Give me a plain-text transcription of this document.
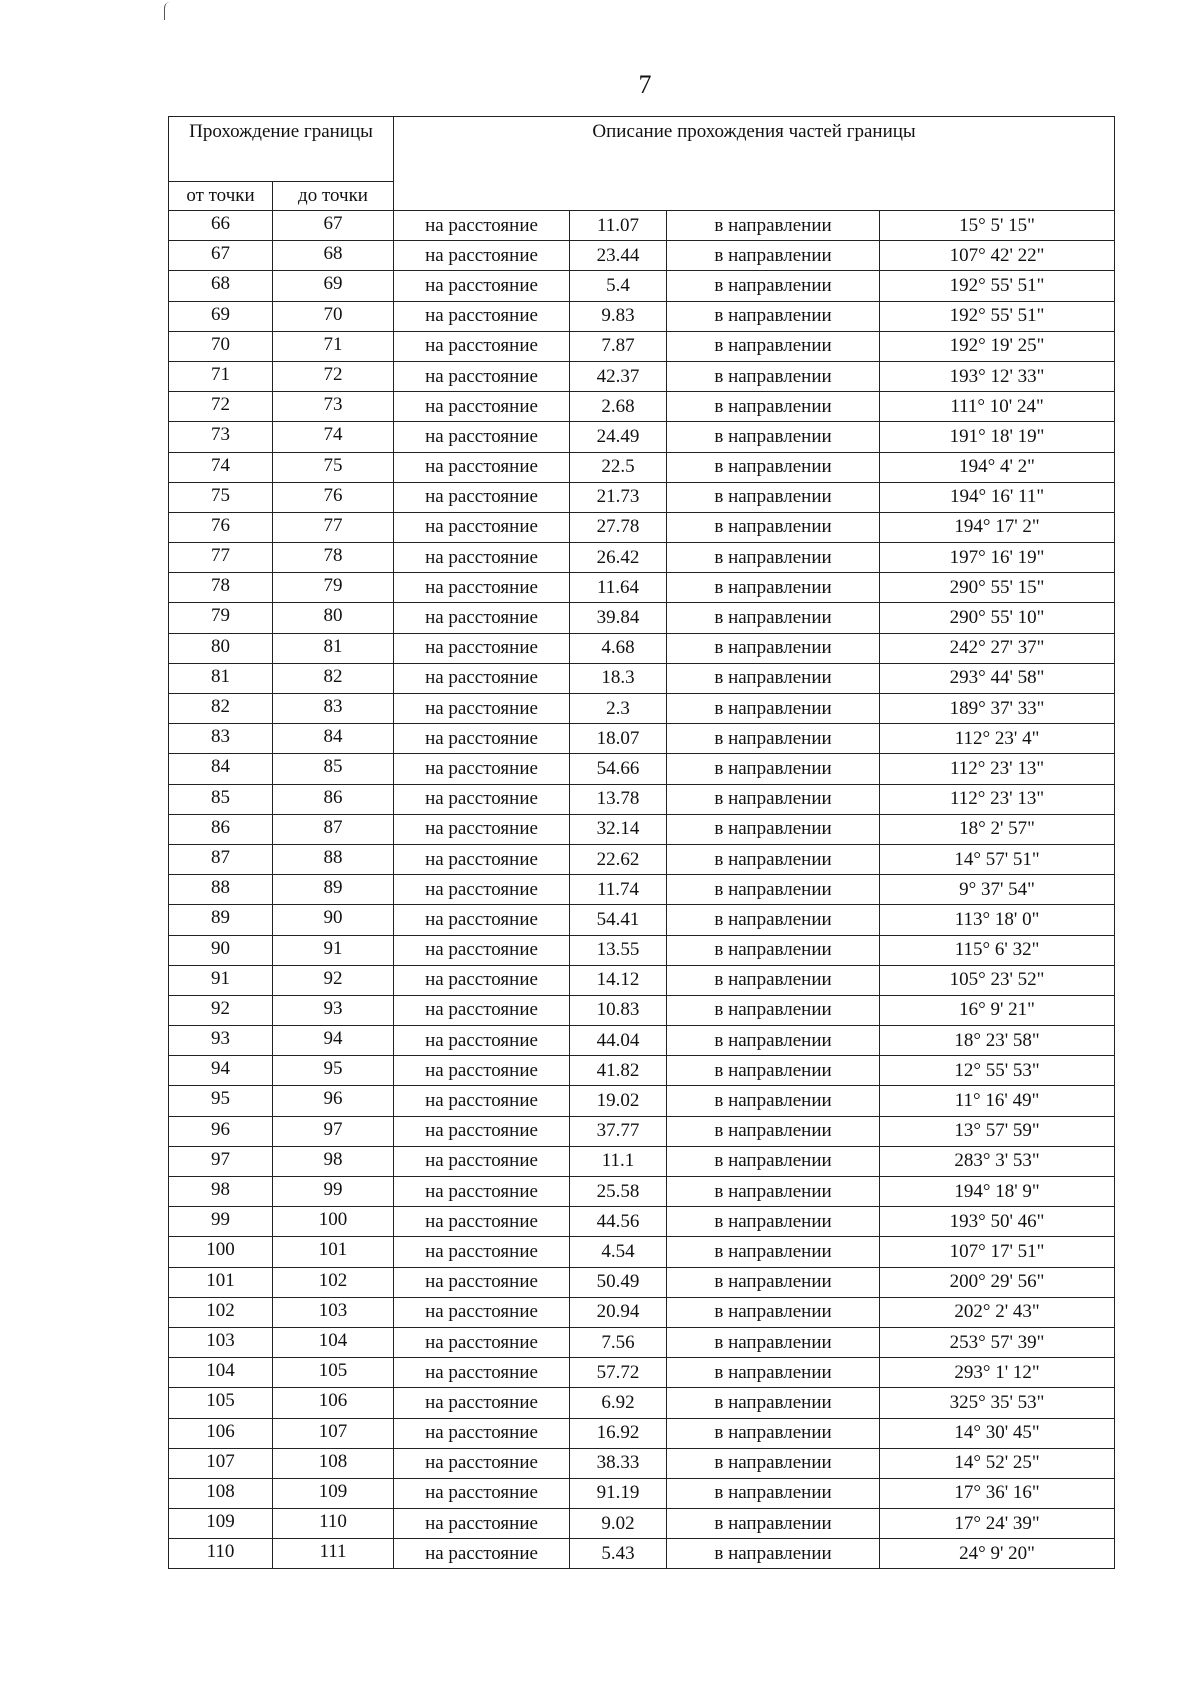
7
Прохождение границы		Описание прохождения частей границы			
от точки	до точки				
66	67	на расстояние	11.07	в направлении	15° 5' 15"
67	68	на расстояние	23.44	в направлении	107° 42' 22"
68	69	на расстояние	5.4	в направлении	192° 55' 51"
69	70	на расстояние	9.83	в направлении	192° 55' 51"
70	71	на расстояние	7.87	в направлении	192° 19' 25"
71	72	на расстояние	42.37	в направлении	193° 12' 33"
72	73	на расстояние	2.68	в направлении	111° 10' 24"
73	74	на расстояние	24.49	в направлении	191° 18' 19"
74	75	на расстояние	22.5	в направлении	194° 4' 2"
75	76	на расстояние	21.73	в направлении	194° 16' 11"
76	77	на расстояние	27.78	в направлении	194° 17' 2"
77	78	на расстояние	26.42	в направлении	197° 16' 19"
78	79	на расстояние	11.64	в направлении	290° 55' 15"
79	80	на расстояние	39.84	в направлении	290° 55' 10"
80	81	на расстояние	4.68	в направлении	242° 27' 37"
81	82	на расстояние	18.3	в направлении	293° 44' 58"
82	83	на расстояние	2.3	в направлении	189° 37' 33"
83	84	на расстояние	18.07	в направлении	112° 23' 4"
84	85	на расстояние	54.66	в направлении	112° 23' 13"
85	86	на расстояние	13.78	в направлении	112° 23' 13"
86	87	на расстояние	32.14	в направлении	18° 2' 57"
87	88	на расстояние	22.62	в направлении	14° 57' 51"
88	89	на расстояние	11.74	в направлении	9° 37' 54"
89	90	на расстояние	54.41	в направлении	113° 18' 0"
90	91	на расстояние	13.55	в направлении	115° 6' 32"
91	92	на расстояние	14.12	в направлении	105° 23' 52"
92	93	на расстояние	10.83	в направлении	16° 9' 21"
93	94	на расстояние	44.04	в направлении	18° 23' 58"
94	95	на расстояние	41.82	в направлении	12° 55' 53"
95	96	на расстояние	19.02	в направлении	11° 16' 49"
96	97	на расстояние	37.77	в направлении	13° 57' 59"
97	98	на расстояние	11.1	в направлении	283° 3' 53"
98	99	на расстояние	25.58	в направлении	194° 18' 9"
99	100	на расстояние	44.56	в направлении	193° 50' 46"
100	101	на расстояние	4.54	в направлении	107° 17' 51"
101	102	на расстояние	50.49	в направлении	200° 29' 56"
102	103	на расстояние	20.94	в направлении	202° 2' 43"
103	104	на расстояние	7.56	в направлении	253° 57' 39"
104	105	на расстояние	57.72	в направлении	293° 1' 12"
105	106	на расстояние	6.92	в направлении	325° 35' 53"
106	107	на расстояние	16.92	в направлении	14° 30' 45"
107	108	на расстояние	38.33	в направлении	14° 52' 25"
108	109	на расстояние	91.19	в направлении	17° 36' 16"
109	110	на расстояние	9.02	в направлении	17° 24' 39"
110	111	на расстояние	5.43	в направлении	24° 9' 20"
